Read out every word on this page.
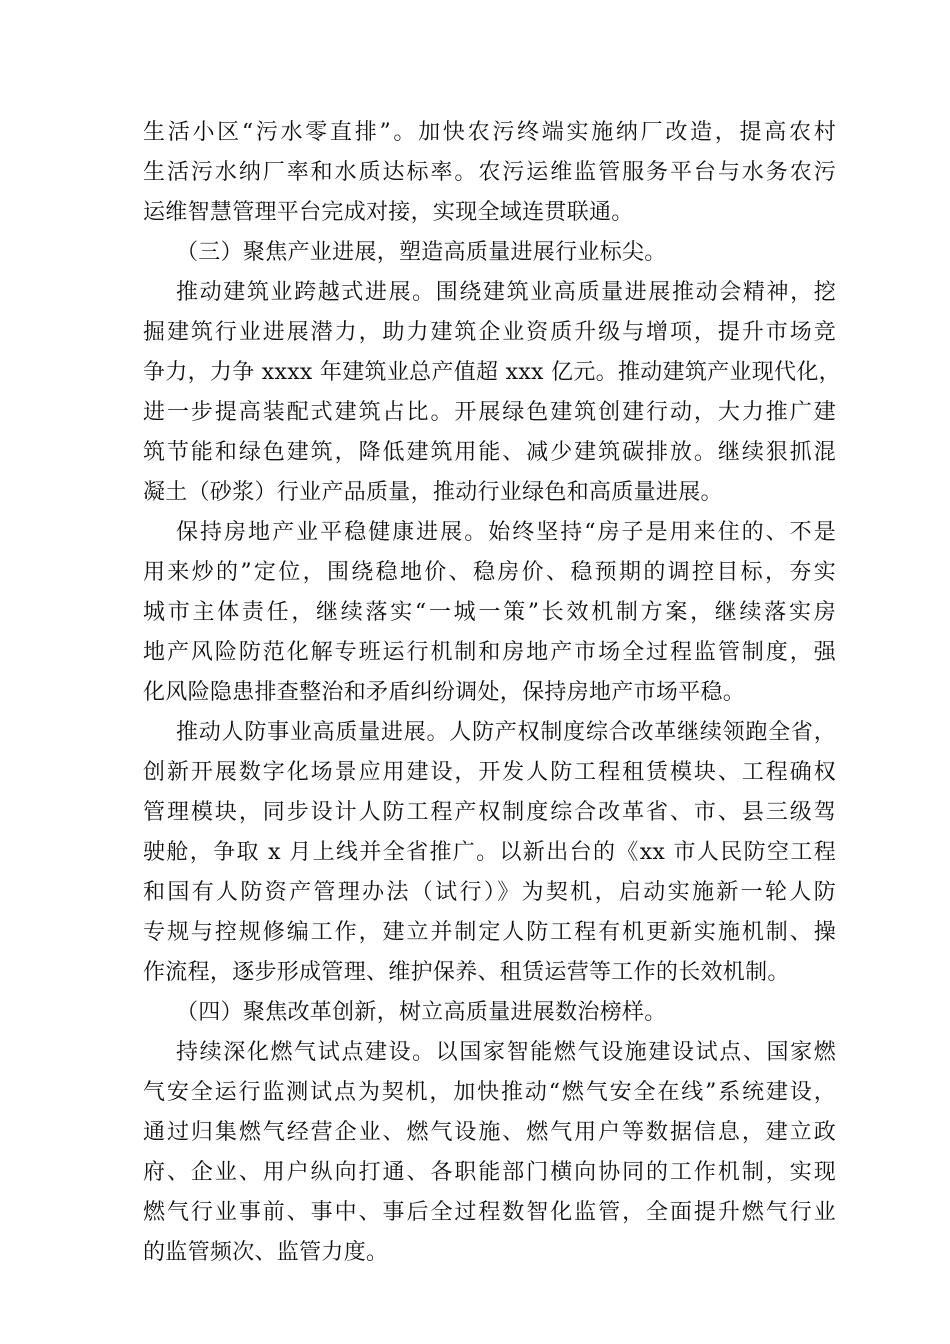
生活小区“污水零直排”。加快农污终端实施纳厂改造，提高农村
生活污水纳厂率和水质达标率。农污运维监管服务平台与水务农污
运维智慧管理平台完成对接，实现全域连贯联通。
（三）聚焦产业进展，塑造高质量进展行业标尖。
推动建筑业跨越式进展。围绕建筑业高质量进展推动会精神，挖
掘建筑行业进展潜力，助力建筑企业资质升级与增项，提升市场竞
争力，力争 xxxx 年建筑业总产值超 xxx 亿元。推动建筑产业现代化，
进一步提高装配式建筑占比。开展绿色建筑创建行动，大力推广建
筑节能和绿色建筑，降低建筑用能、减少建筑碳排放。继续狠抓混
凝土（砂浆）行业产品质量，推动行业绿色和高质量进展。
保持房地产业平稳健康进展。始终坚持“房子是用来住的、不是
用来炒的”定位，围绕稳地价、稳房价、稳预期的调控目标，夯实
城市主体责任，继续落实“一城一策”长效机制方案，继续落实房
地产风险防范化解专班运行机制和房地产市场全过程监管制度，强
化风险隐患排查整治和矛盾纠纷调处，保持房地产市场平稳。
推动人防事业高质量进展。人防产权制度综合改革继续领跑全省，
创新开展数字化场景应用建设，开发人防工程租赁模块、工程确权
管理模块，同步设计人防工程产权制度综合改革省、市、县三级驾
驶舱，争取 x 月上线并全省推广。以新出台的《xx 市人民防空工程
和国有人防资产管理办法（试行）》为契机，启动实施新一轮人防
专规与控规修编工作，建立并制定人防工程有机更新实施机制、操
作流程，逐步形成管理、维护保养、租赁运营等工作的长效机制。
（四）聚焦改革创新，树立高质量进展数治榜样。
持续深化燃气试点建设。以国家智能燃气设施建设试点、国家燃
气安全运行监测试点为契机，加快推动“燃气安全在线”系统建设，
通过归集燃气经营企业、燃气设施、燃气用户等数据信息，建立政
府、企业、用户纵向打通、各职能部门横向协同的工作机制，实现
燃气行业事前、事中、事后全过程数智化监管，全面提升燃气行业
的监管频次、监管力度。
